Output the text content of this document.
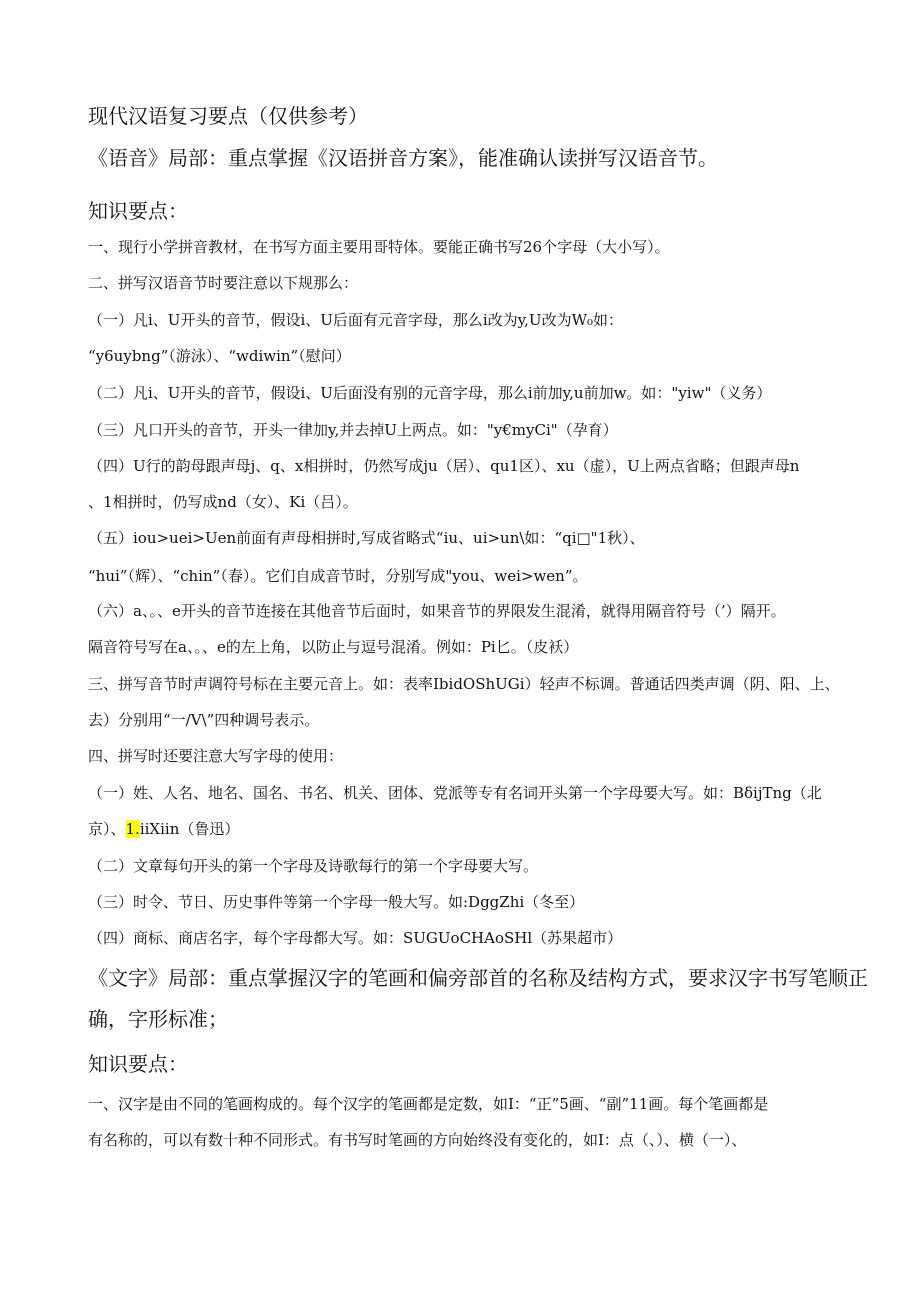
现代汉语复习要点（仅供参考）
《语音》局部：重点掌握《汉语拼音方案》，能准确认读拼写汉语音节。
知识要点：
一、现行小学拼音教材，在书写方面主要用哥特体。要能正确书写26个字母（大小写）。
二、拼写汉语音节时要注意以下规那么：
（一）凡i、U开头的音节，假设i、U后面有元音字母，那么i改为y,U改为W₀如：
“y6uybng”（游泳）、“wdiwin”（慰问）
（二）凡i、U开头的音节，假设i、U后面没有别的元音字母，那么i前加y,u前加w。如："yiw"（义务）
（三）凡口开头的音节，开头一律加y,并去掉U上两点。如："y€myCi"（孕育）
（四）U行的韵母跟声母j、q、x相拼时，仍然写成ju（居）、qu1区）、xu（虚），U上两点省略；但跟声母n
、1相拼时，仍写成nd（女）、Ki（吕）。
（五）iou>uei>Uen前面有声母相拼时,写成省略式“iu、ui>un\如：“qi□"1秋）、
“hui”（辉）、“chin”（春）。它们自成音节时，分别写成"you、wei>wen”。
（六）a、。、e开头的音节连接在其他音节后面时，如果音节的界限发生混淆，就得用隔音符号（’）隔开。
隔音符号写在a、。、e的左上角，以防止与逗号混淆。例如：Pi匕。（皮袄）
三、拼写音节时声调符号标在主要元音上。如：表率IbidOShUGi）轻声不标调。普通话四类声调（阴、阳、上、
去）分别用“一/V\”四种调号表示。
四、拼写时还要注意大写字母的使用：
（一）姓、人名、地名、国名、书名、机关、团体、党派等专有名词开头第一个字母要大写。如：BδijTng（北
京）、1.iiXiin（鲁迅）
（二）文章每句开头的第一个字母及诗歌每行的第一个字母要大写。
（三）时令、节日、历史事件等第一个字母一般大写。如:DggZhi（冬至）
（四）商标、商店名字，每个字母都大写。如：SUGUoCHAoSHl（苏果超市）
《文字》局部：重点掌握汉字的笔画和偏旁部首的名称及结构方式，要求汉字书写笔顺正
确，字形标准；
知识要点：
一、汉字是由不同的笔画构成的。每个汉字的笔画都是定数，如I：“正”5画、“副”11画。每个笔画都是
有名称的，可以有数十种不同形式。有书写时笔画的方向始终没有变化的，如I：点（、）、横（一）、
